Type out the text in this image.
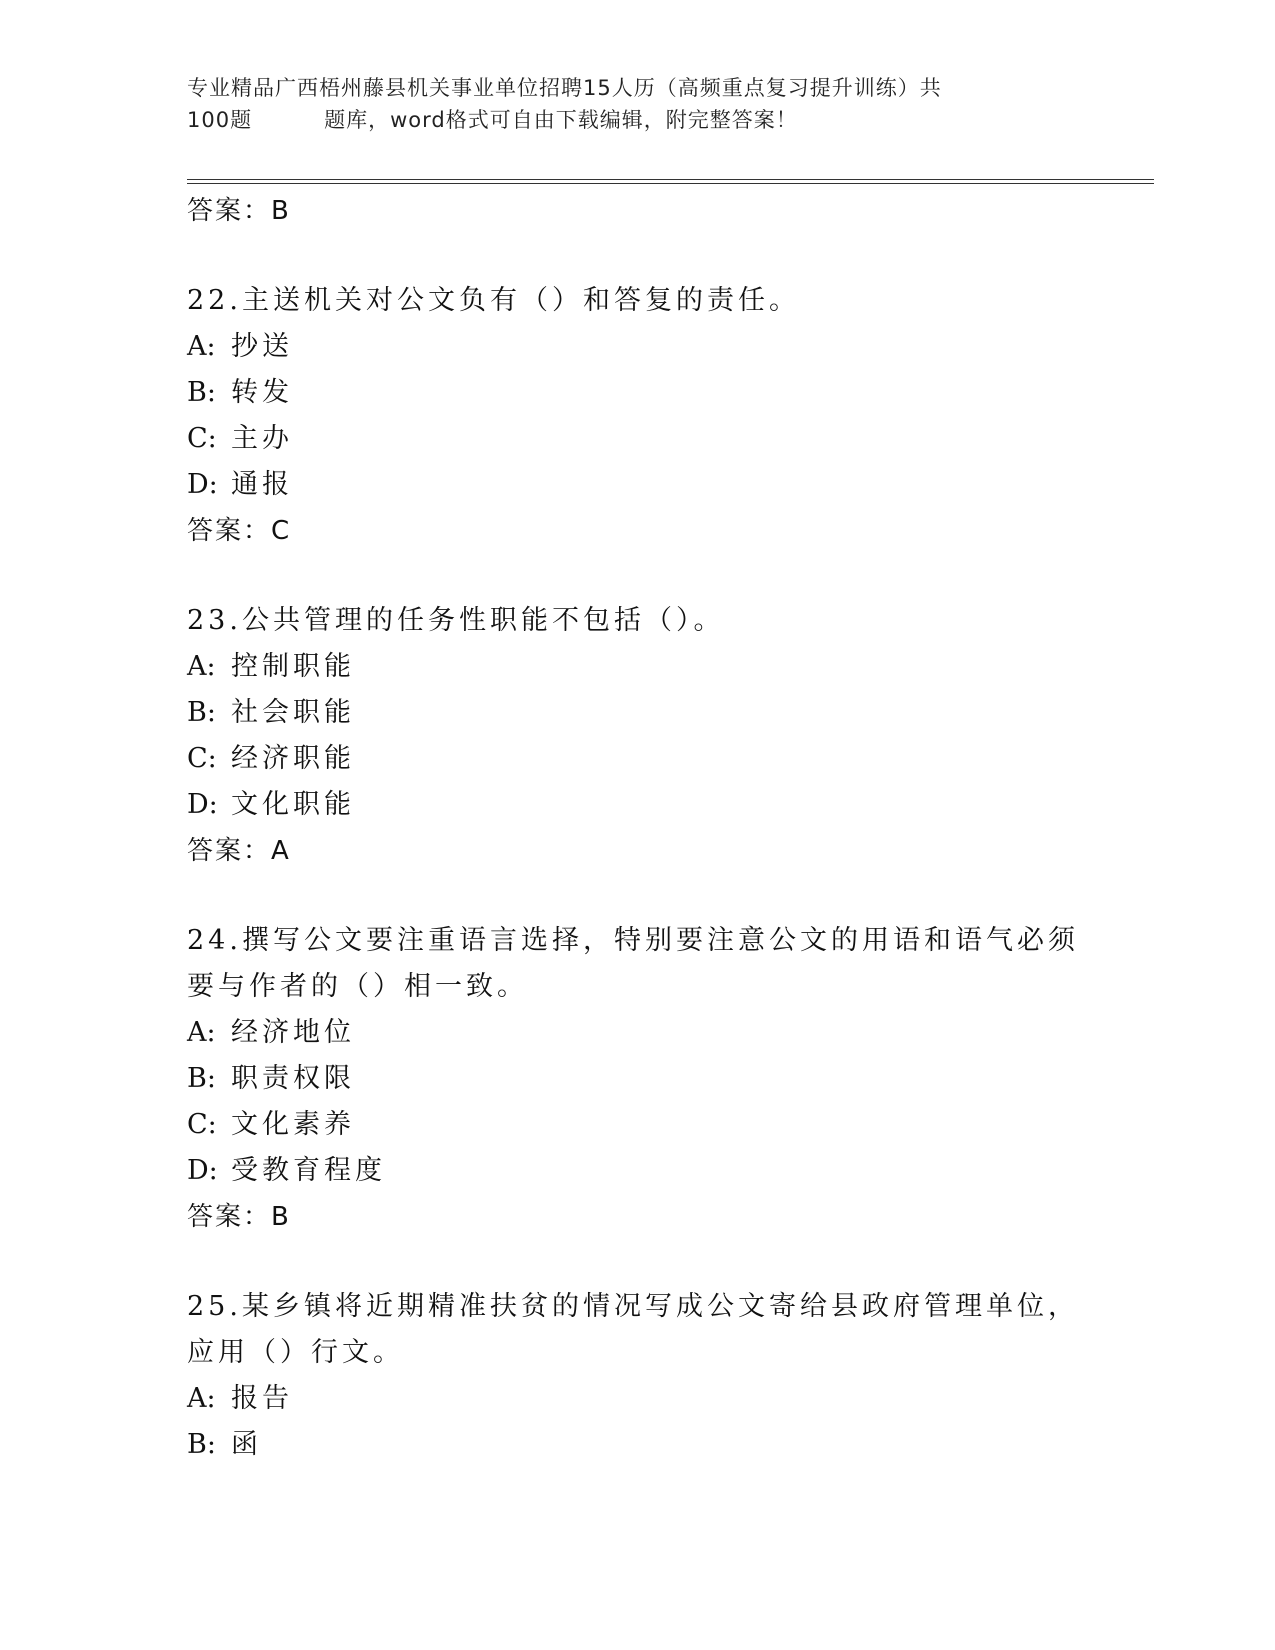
专业精品广西梧州藤县机关事业单位招聘15人历（高频重点复习提升训练）共
100题	题库，word格式可自由下载编辑，附完整答案！
答案：B
22.主送机关对公文负有（）和答复的责任。
A: 抄送
B: 转发
C: 主办
D: 通报
答案：C
23.公共管理的任务性职能不包括（）。
A: 控制职能
B: 社会职能
C: 经济职能
D: 文化职能
答案：A
24.撰写公文要注重语言选择，特别要注意公文的用语和语气必须要与作者的（）相一致。
A: 经济地位
B: 职责权限
C: 文化素养
D: 受教育程度
答案：B
25.某乡镇将近期精准扶贫的情况写成公文寄给县政府管理单位，应用（）行文。
A: 报告
B: 函
